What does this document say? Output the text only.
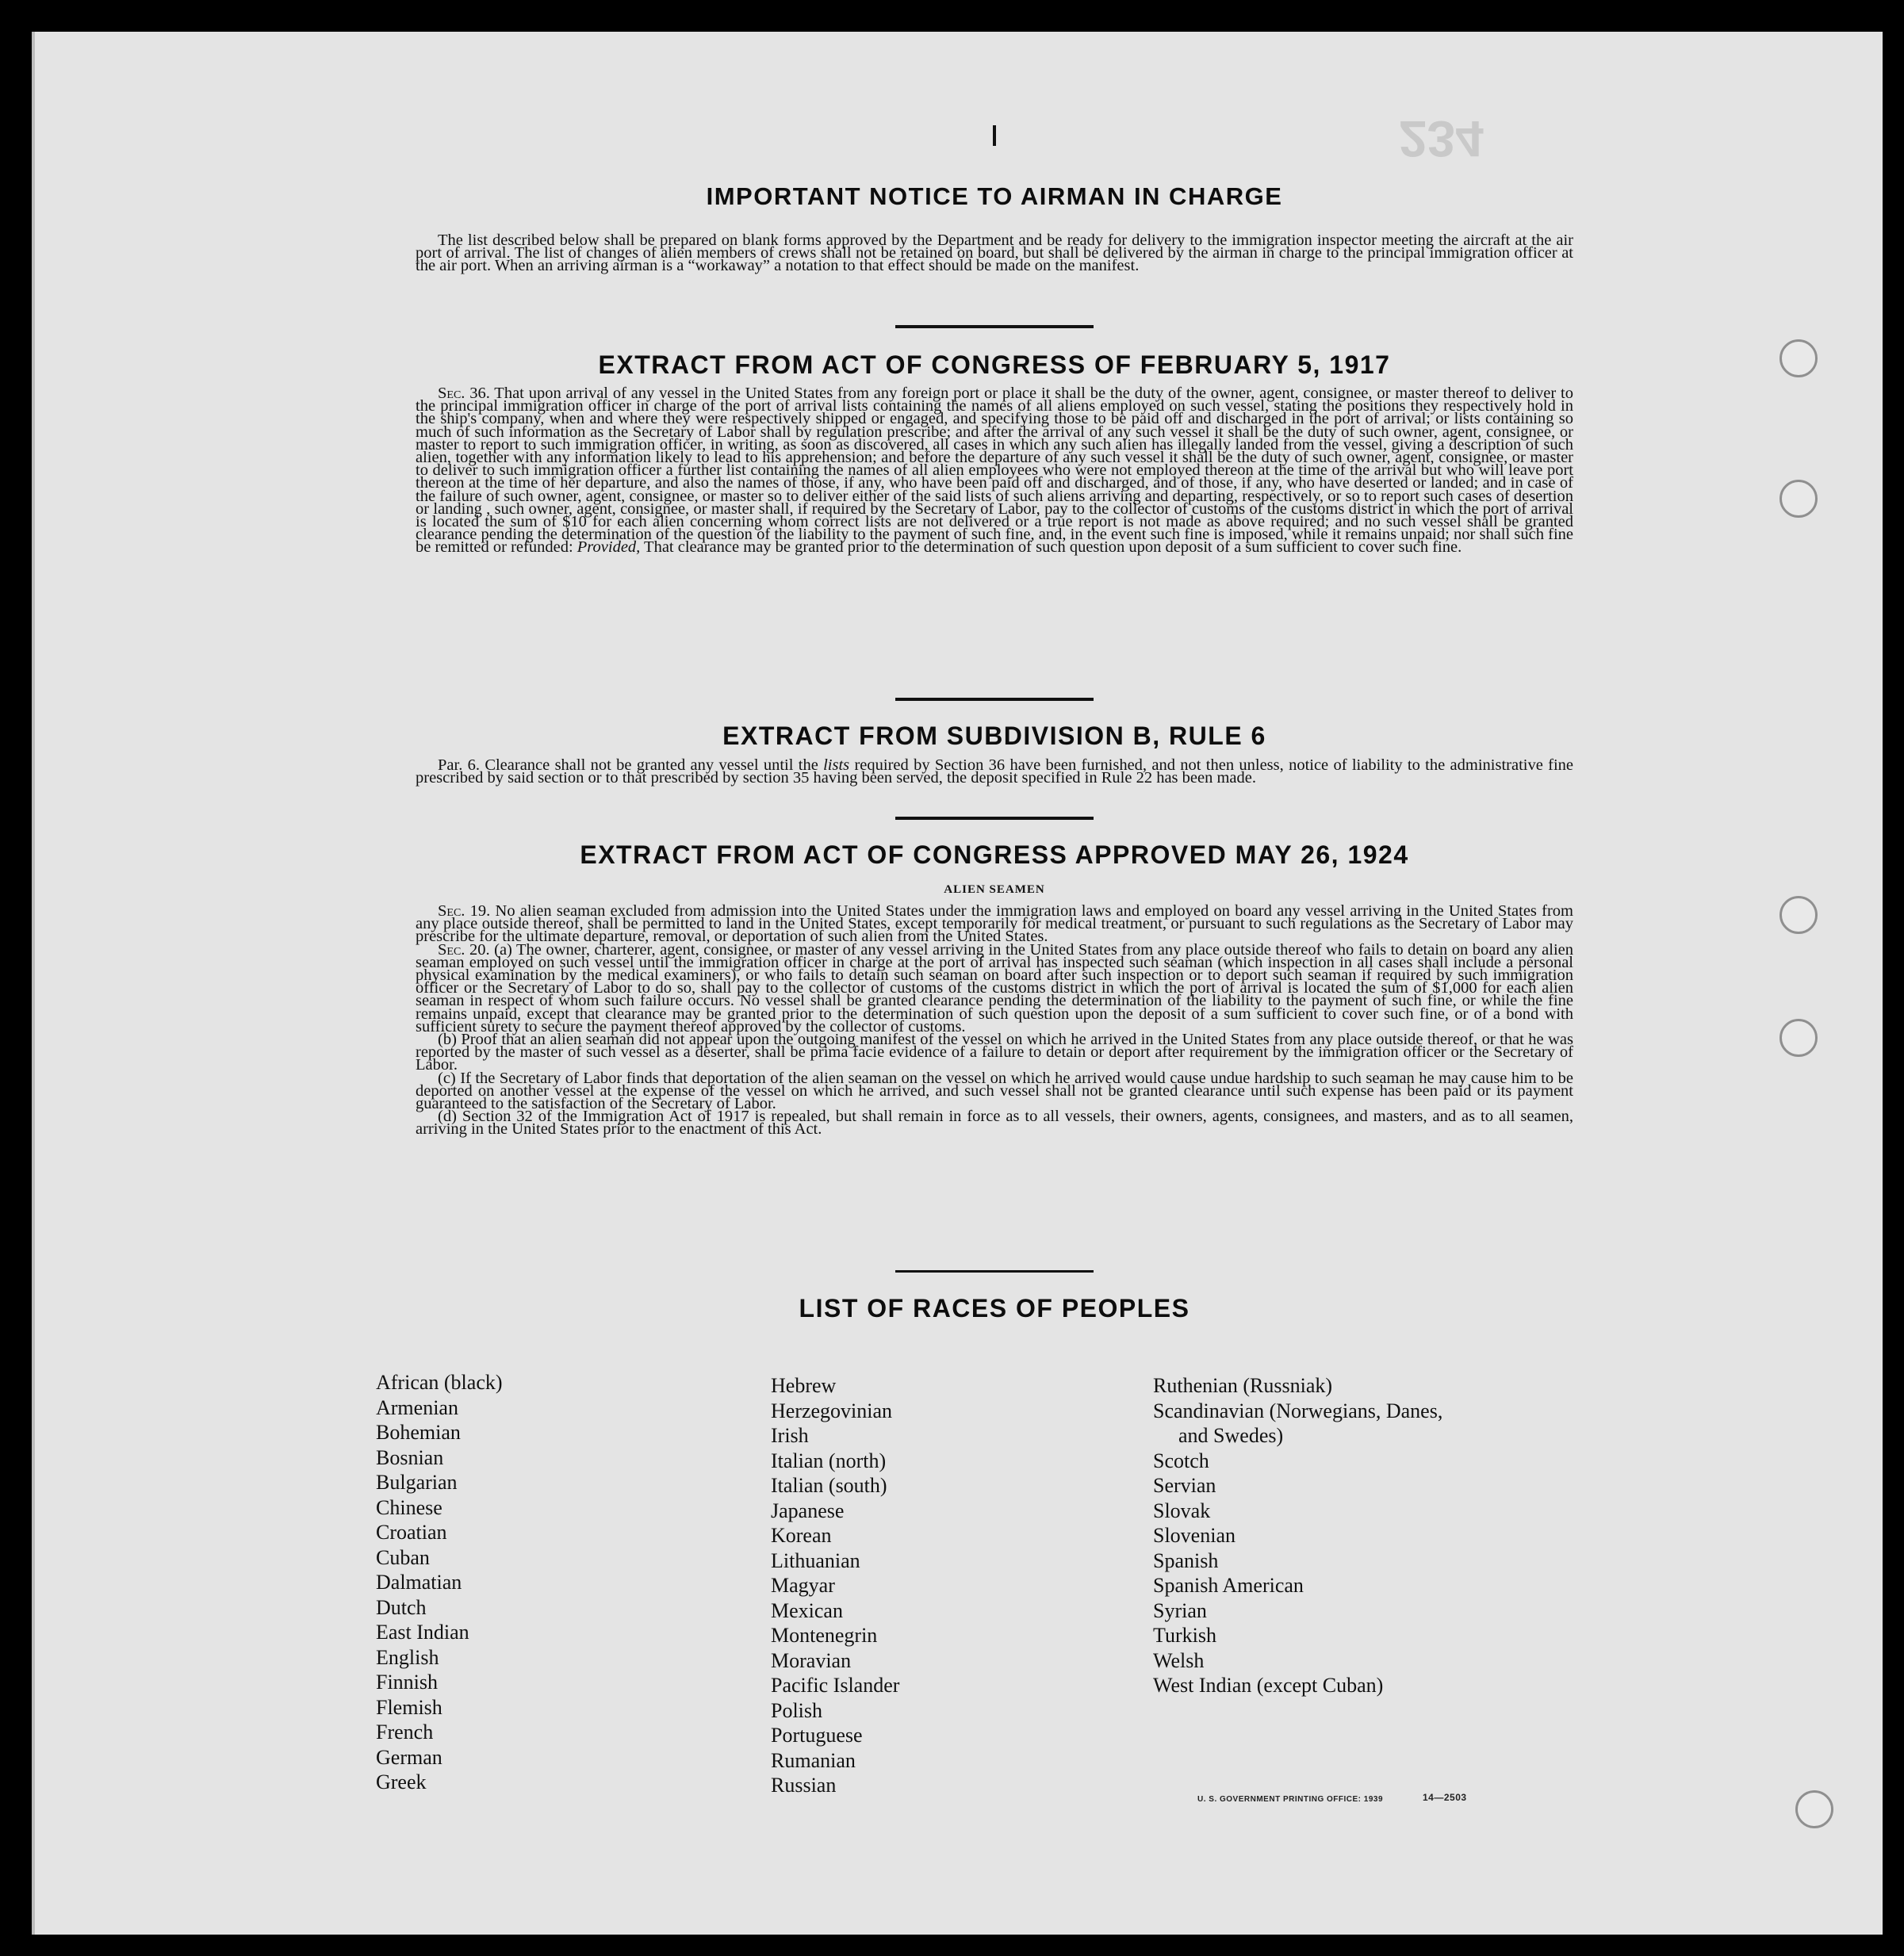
234

IMPORTANT NOTICE TO AIRMAN IN CHARGE

The list described below shall be prepared on blank forms approved by the Department and be ready for delivery to the immigration inspector meeting the aircraft at the air port of arrival. The list of changes of alien members of crews shall not be retained on board, but shall be delivered by the airman in charge to the principal immigration officer at the air port. When an arriving airman is a “workaway” a notation to that effect should be made on the manifest.

EXTRACT FROM ACT OF CONGRESS OF FEBRUARY 5, 1917

Sec. 36. That upon arrival of any vessel in the United States from any foreign port or place it shall be the duty of the owner, agent, consignee, or master thereof to deliver to the principal immigration officer in charge of the port of arrival lists containing the names of all aliens employed on such vessel, stating the positions they respectively hold in the ship's company, when and where they were respectively shipped or engaged, and specifying those to be paid off and discharged in the port of arrival; or lists containing so much of such information as the Secretary of Labor shall by regulation prescribe; and after the arrival of any such vessel it shall be the duty of such owner, agent, consignee, or master to report to such immigration officer, in writing, as soon as discovered, all cases in which any such alien has illegally landed from the vessel, giving a description of such alien, together with any information likely to lead to his apprehension; and before the departure of any such vessel it shall be the duty of such owner, agent, consignee, or master to deliver to such immigration officer a further list containing the names of all alien employees who were not employed thereon at the time of the arrival but who will leave port thereon at the time of her departure, and also the names of those, if any, who have been paid off and discharged, and of those, if any, who have deserted or landed; and in case of the failure of such owner, agent, consignee, or master so to deliver either of the said lists of such aliens arriving and departing, respectively, or so to report such cases of desertion or landing , such owner, agent, consignee, or master shall, if required by the Secretary of Labor, pay to the collector of customs of the customs district in which the port of arrival is located the sum of $10 for each alien concerning whom correct lists are not delivered or a true report is not made as above required; and no such vessel shall be granted clearance pending the determination of the question of the liability to the payment of such fine, and, in the event such fine is imposed, while it remains unpaid; nor shall such fine be remitted or refunded: Provided, That clearance may be granted prior to the determination of such question upon deposit of a sum sufficient to cover such fine.

EXTRACT FROM SUBDIVISION B, RULE 6

Par. 6. Clearance shall not be granted any vessel until the lists required by Section 36 have been furnished, and not then unless, notice of liability to the administrative fine prescribed by said section or to that prescribed by section 35 having been served, the deposit specified in Rule 22 has been made.

EXTRACT FROM ACT OF CONGRESS APPROVED MAY 26, 1924
ALIEN SEAMEN

Sec. 19. No alien seaman excluded from admission into the United States under the immigration laws and employed on board any vessel arriving in the United States from any place outside thereof, shall be permitted to land in the United States, except temporarily for medical treatment, or pursuant to such regulations as the Secretary of Labor may prescribe for the ultimate departure, removal, or deportation of such alien from the United States.

Sec. 20. (a) The owner, charterer, agent, consignee, or master of any vessel arriving in the United States from any place outside thereof who fails to detain on board any alien seaman employed on such vessel until the immigration officer in charge at the port of arrival has inspected such seaman (which inspection in all cases shall include a personal physical examination by the medical examiners), or who fails to detain such seaman on board after such inspection or to deport such seaman if required by such immigration officer or the Secretary of Labor to do so, shall pay to the collector of customs of the customs district in which the port of arrival is located the sum of $1,000 for each alien seaman in respect of whom such failure occurs. No vessel shall be granted clearance pending the determination of the liability to the payment of such fine, or while the fine remains unpaid, except that clearance may be granted prior to the determination of such question upon the deposit of a sum sufficient to cover such fine, or of a bond with sufficient surety to secure the payment thereof approved by the collector of customs.

(b) Proof that an alien seaman did not appear upon the outgoing manifest of the vessel on which he arrived in the United States from any place outside thereof, or that he was reported by the master of such vessel as a deserter, shall be prima facie evidence of a failure to detain or deport after requirement by the immigration officer or the Secretary of Labor.

(c) If the Secretary of Labor finds that deportation of the alien seaman on the vessel on which he arrived would cause undue hardship to such seaman he may cause him to be deported on another vessel at the expense of the vessel on which he arrived, and such vessel shall not be granted clearance until such expense has been paid or its payment guaranteed to the satisfaction of the Secretary of Labor.

(d) Section 32 of the Immigration Act of 1917 is repealed, but shall remain in force as to all vessels, their owners, agents, consignees, and masters, and as to all seamen, arriving in the United States prior to the enactment of this Act.

LIST OF RACES OF PEOPLES
African (black)
Armenian
Bohemian
Bosnian
Bulgarian
Chinese
Croatian
Cuban
Dalmatian
Dutch
East Indian
English
Finnish
Flemish
French
German
Greek
Hebrew
Herzegovinian
Irish
Italian (north)
Italian (south)
Japanese
Korean
Lithuanian
Magyar
Mexican
Montenegrin
Moravian
Pacific Islander
Polish
Portuguese
Rumanian
Russian
Ruthenian (Russniak)
Scandinavian (Norwegians, Danes,
and Swedes)
Scotch
Servian
Slovak
Slovenian
Spanish
Spanish American
Syrian
Turkish
Welsh
West Indian (except Cuban)
U. S. GOVERNMENT PRINTING OFFICE: 1939	14—2503
